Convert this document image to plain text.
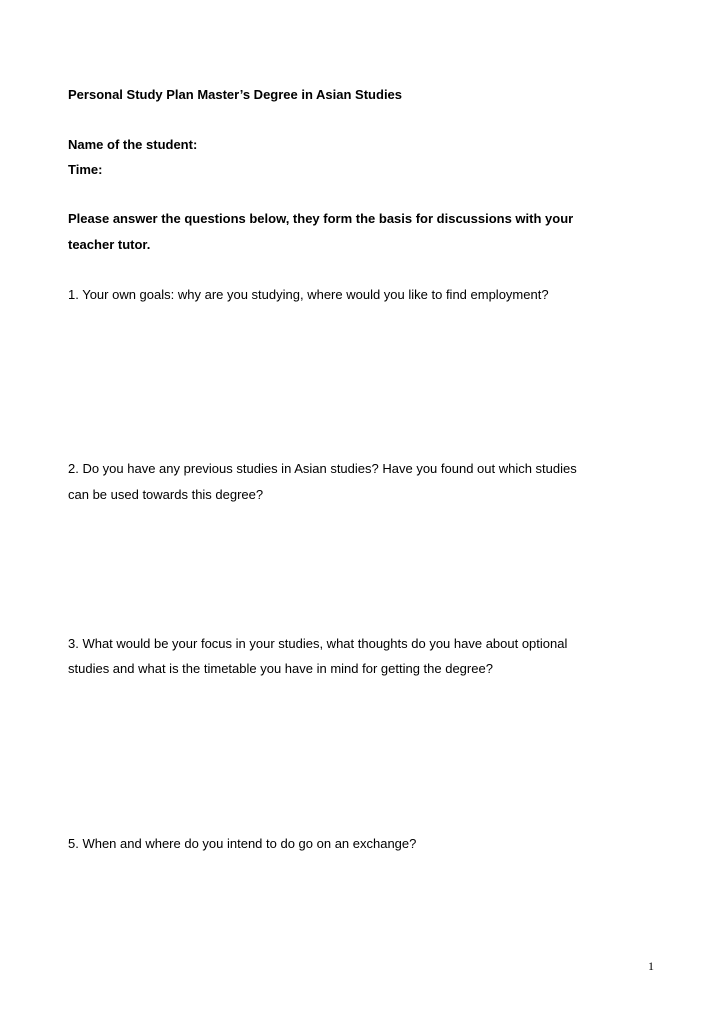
Personal Study Plan Master’s Degree in Asian Studies
Name of the student:
Time:
Please answer the questions below, they form the basis for discussions with your
teacher tutor.
1. Your own goals: why are you studying, where would you like to find employment?
2. Do you have any previous studies in Asian studies? Have you found out which studies
can be used towards this degree?
3. What would be your focus in your studies, what thoughts do you have about optional
studies and what is the timetable you have in mind for getting the degree?
5. When and where do you intend to do go on an exchange?
1
